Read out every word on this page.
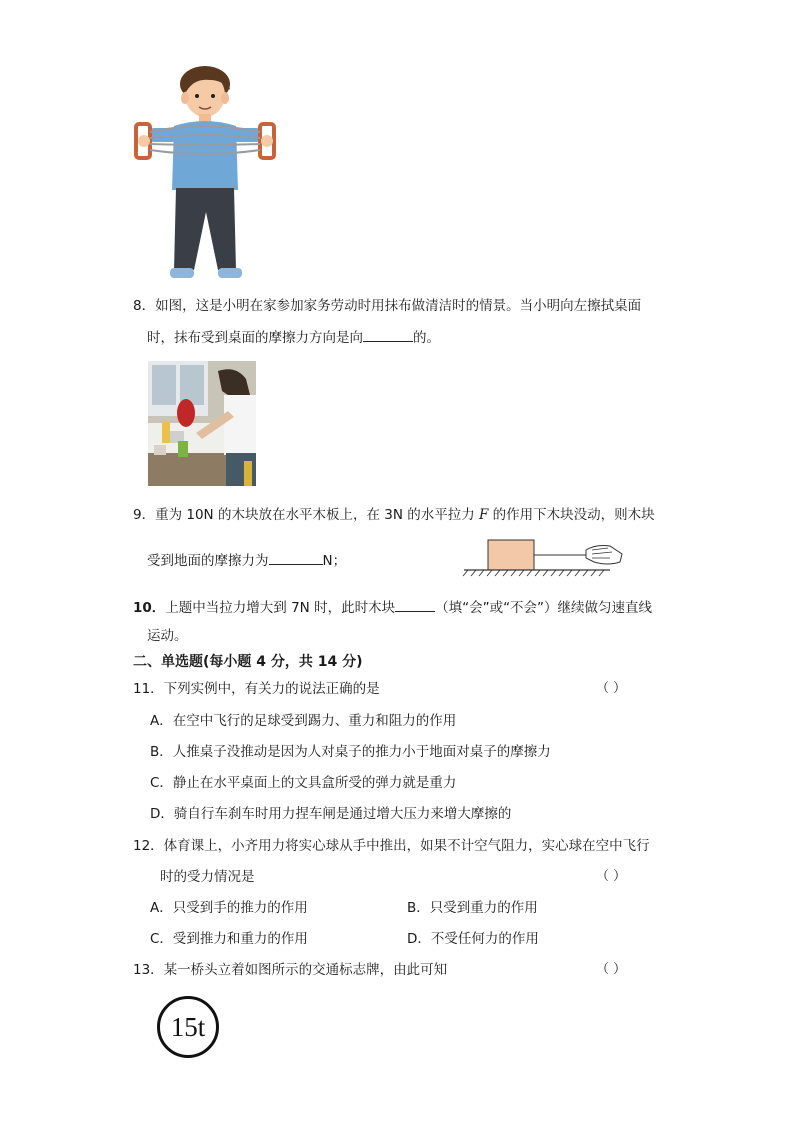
8．如图，这是小明在家参加家务劳动时用抹布做清洁时的情景。当小明向左擦拭桌面
时，抹布受到桌面的摩擦力方向是向	的。
9．重为 10N 的木块放在水平木板上，在 3N 的水平拉力 F 的作用下木块没动，则木块
受到地面的摩擦力为	N；
10．上题中当拉力增大到 7N 时，此时木块	（填“会”或“不会”）继续做匀速直线
运动。
二、单选题(每小题 4 分，共 14 分)
11．下列实例中，有关力的说法正确的是	（ ）
A．在空中飞行的足球受到踢力、重力和阻力的作用
B．人推桌子没推动是因为人对桌子的推力小于地面对桌子的摩擦力
C．静止在水平桌面上的文具盒所受的弹力就是重力
D．骑自行车刹车时用力捏车闸是通过增大压力来增大摩擦的
12．体育课上，小齐用力将实心球从手中推出，如果不计空气阻力，实心球在空中飞行
时的受力情况是	（ ）
A．只受到手的推力的作用	B．只受到重力的作用
C．受到推力和重力的作用	D．不受任何力的作用
13．某一桥头立着如图所示的交通标志牌，由此可知	（ ）
15t
